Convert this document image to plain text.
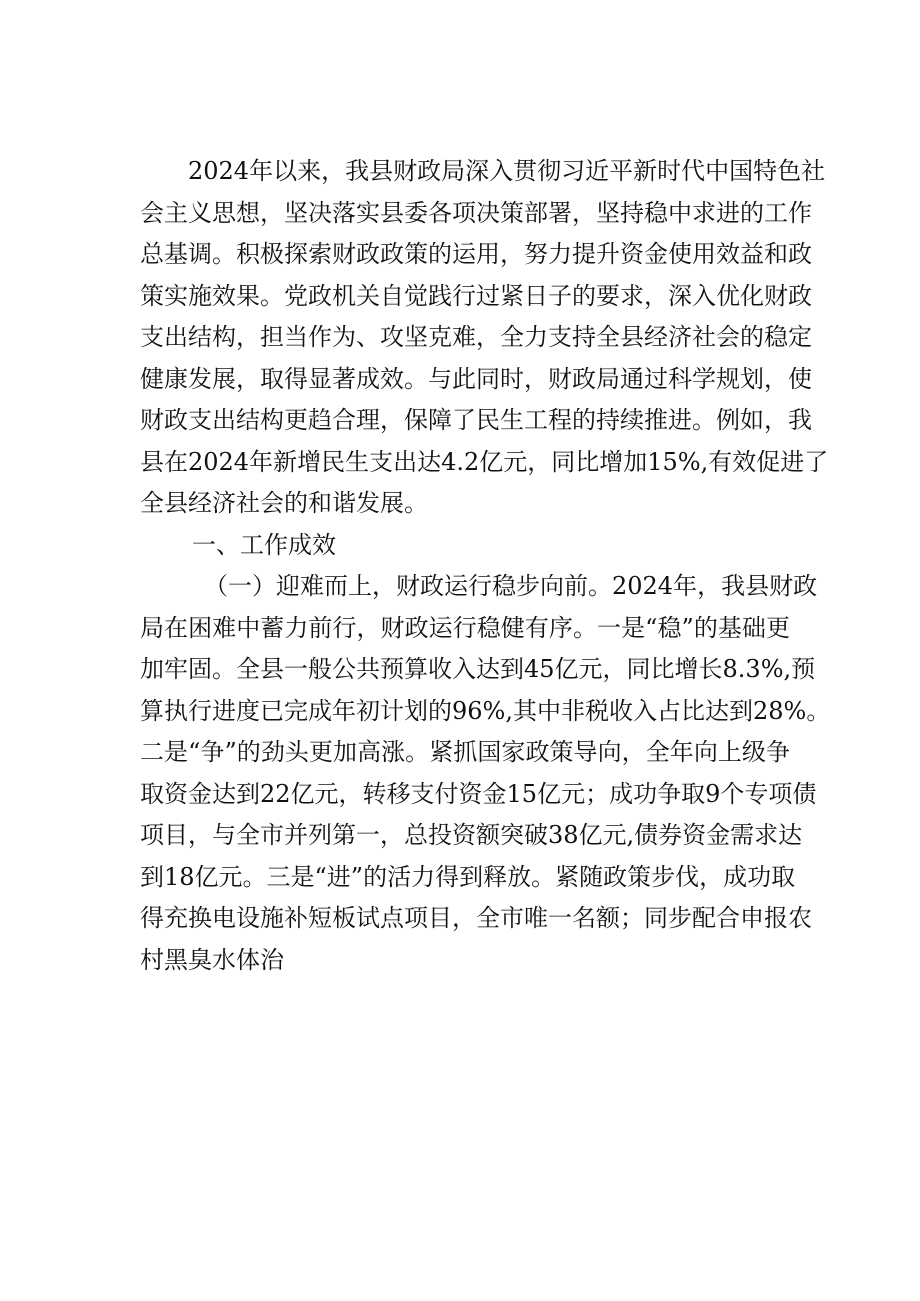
2024年以来，我县财政局深入贯彻习近平新时代中国特色社
会主义思想，坚决落实县委各项决策部署，坚持稳中求进的工作
总基调。积极探索财政政策的运用，努力提升资金使用效益和政
策实施效果。党政机关自觉践行过紧日子的要求，深入优化财政
支出结构，担当作为、攻坚克难，全力支持全县经济社会的稳定
健康发展，取得显著成效。与此同时，财政局通过科学规划，使
财政支出结构更趋合理，保障了民生工程的持续推进。例如，我
县在2024年新增民生支出达4.2亿元，同比增加15%,有效促进了
全县经济社会的和谐发展。
一、工作成效
（一）迎难而上，财政运行稳步向前。2024年，我县财政
局在困难中蓄力前行，财政运行稳健有序。一是“稳”的基础更
加牢固。全县一般公共预算收入达到45亿元，同比增长8.3%,预
算执行进度已完成年初计划的96%,其中非税收入占比达到28%。
二是“争”的劲头更加高涨。紧抓国家政策导向，全年向上级争
取资金达到22亿元，转移支付资金15亿元；成功争取9个专项债
项目，与全市并列第一，总投资额突破38亿元,债券资金需求达
到18亿元。三是“进”的活力得到释放。紧随政策步伐，成功取
得充换电设施补短板试点项目，全市唯一名额；同步配合申报农
村黑臭水体治
